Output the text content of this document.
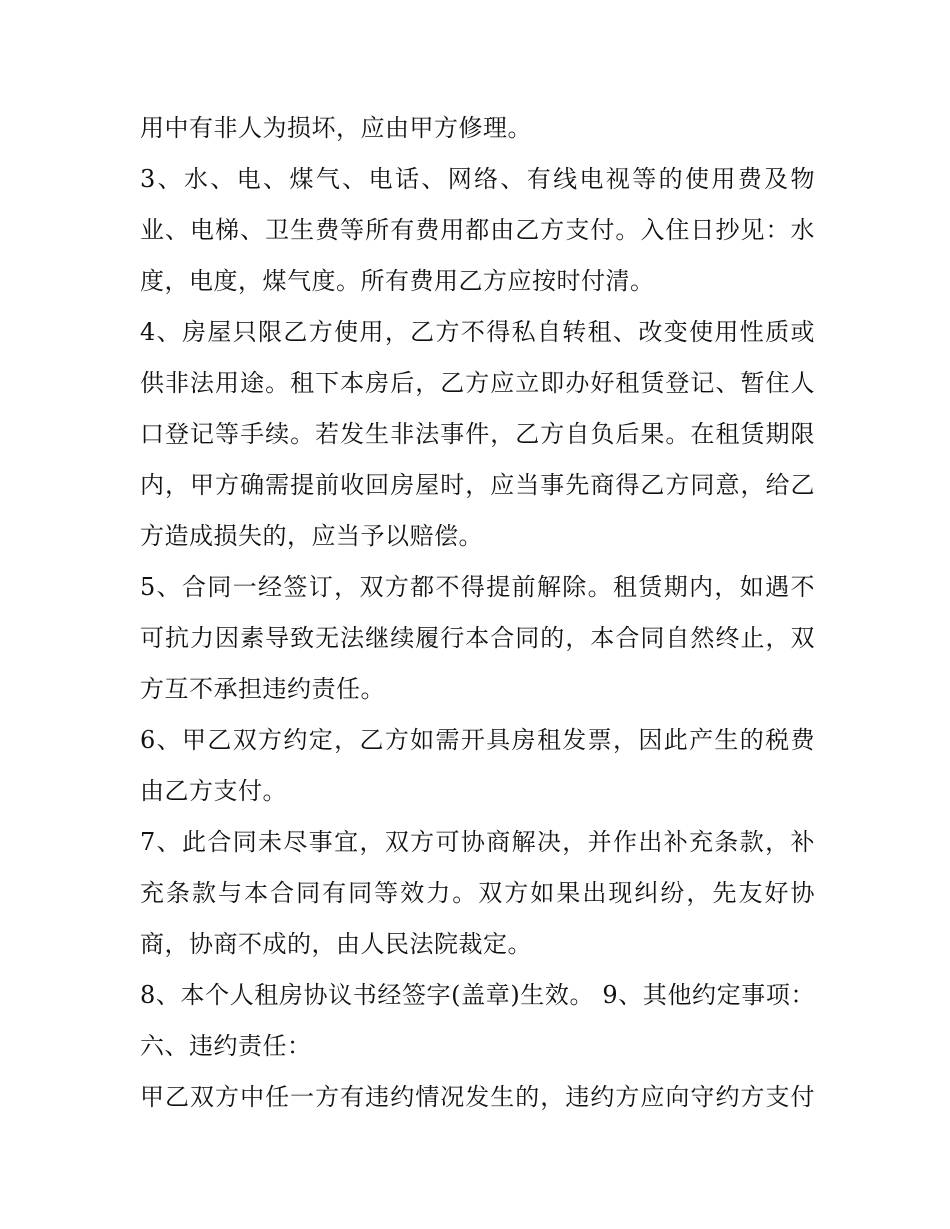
用中有非人为损坏，应由甲方修理。
3、水、电、煤气、电话、网络、有线电视等的使用费及物
业、电梯、卫生费等所有费用都由乙方支付。入住日抄见：水
度，电度，煤气度。所有费用乙方应按时付清。
4、房屋只限乙方使用，乙方不得私自转租、改变使用性质或
供非法用途。租下本房后，乙方应立即办好租赁登记、暂住人
口登记等手续。若发生非法事件，乙方自负后果。在租赁期限
内，甲方确需提前收回房屋时，应当事先商得乙方同意，给乙
方造成损失的，应当予以赔偿。
5、合同一经签订，双方都不得提前解除。租赁期内，如遇不
可抗力因素导致无法继续履行本合同的，本合同自然终止，双
方互不承担违约责任。
6、甲乙双方约定，乙方如需开具房租发票，因此产生的税费
由乙方支付。
7、此合同未尽事宜，双方可协商解决，并作出补充条款，补
充条款与本合同有同等效力。双方如果出现纠纷，先友好协
商，协商不成的，由人民法院裁定。
8、本个人租房协议书经签字(盖章)生效。 9、其他约定事项：
六、违约责任：
甲乙双方中任一方有违约情况发生的，违约方应向守约方支付
